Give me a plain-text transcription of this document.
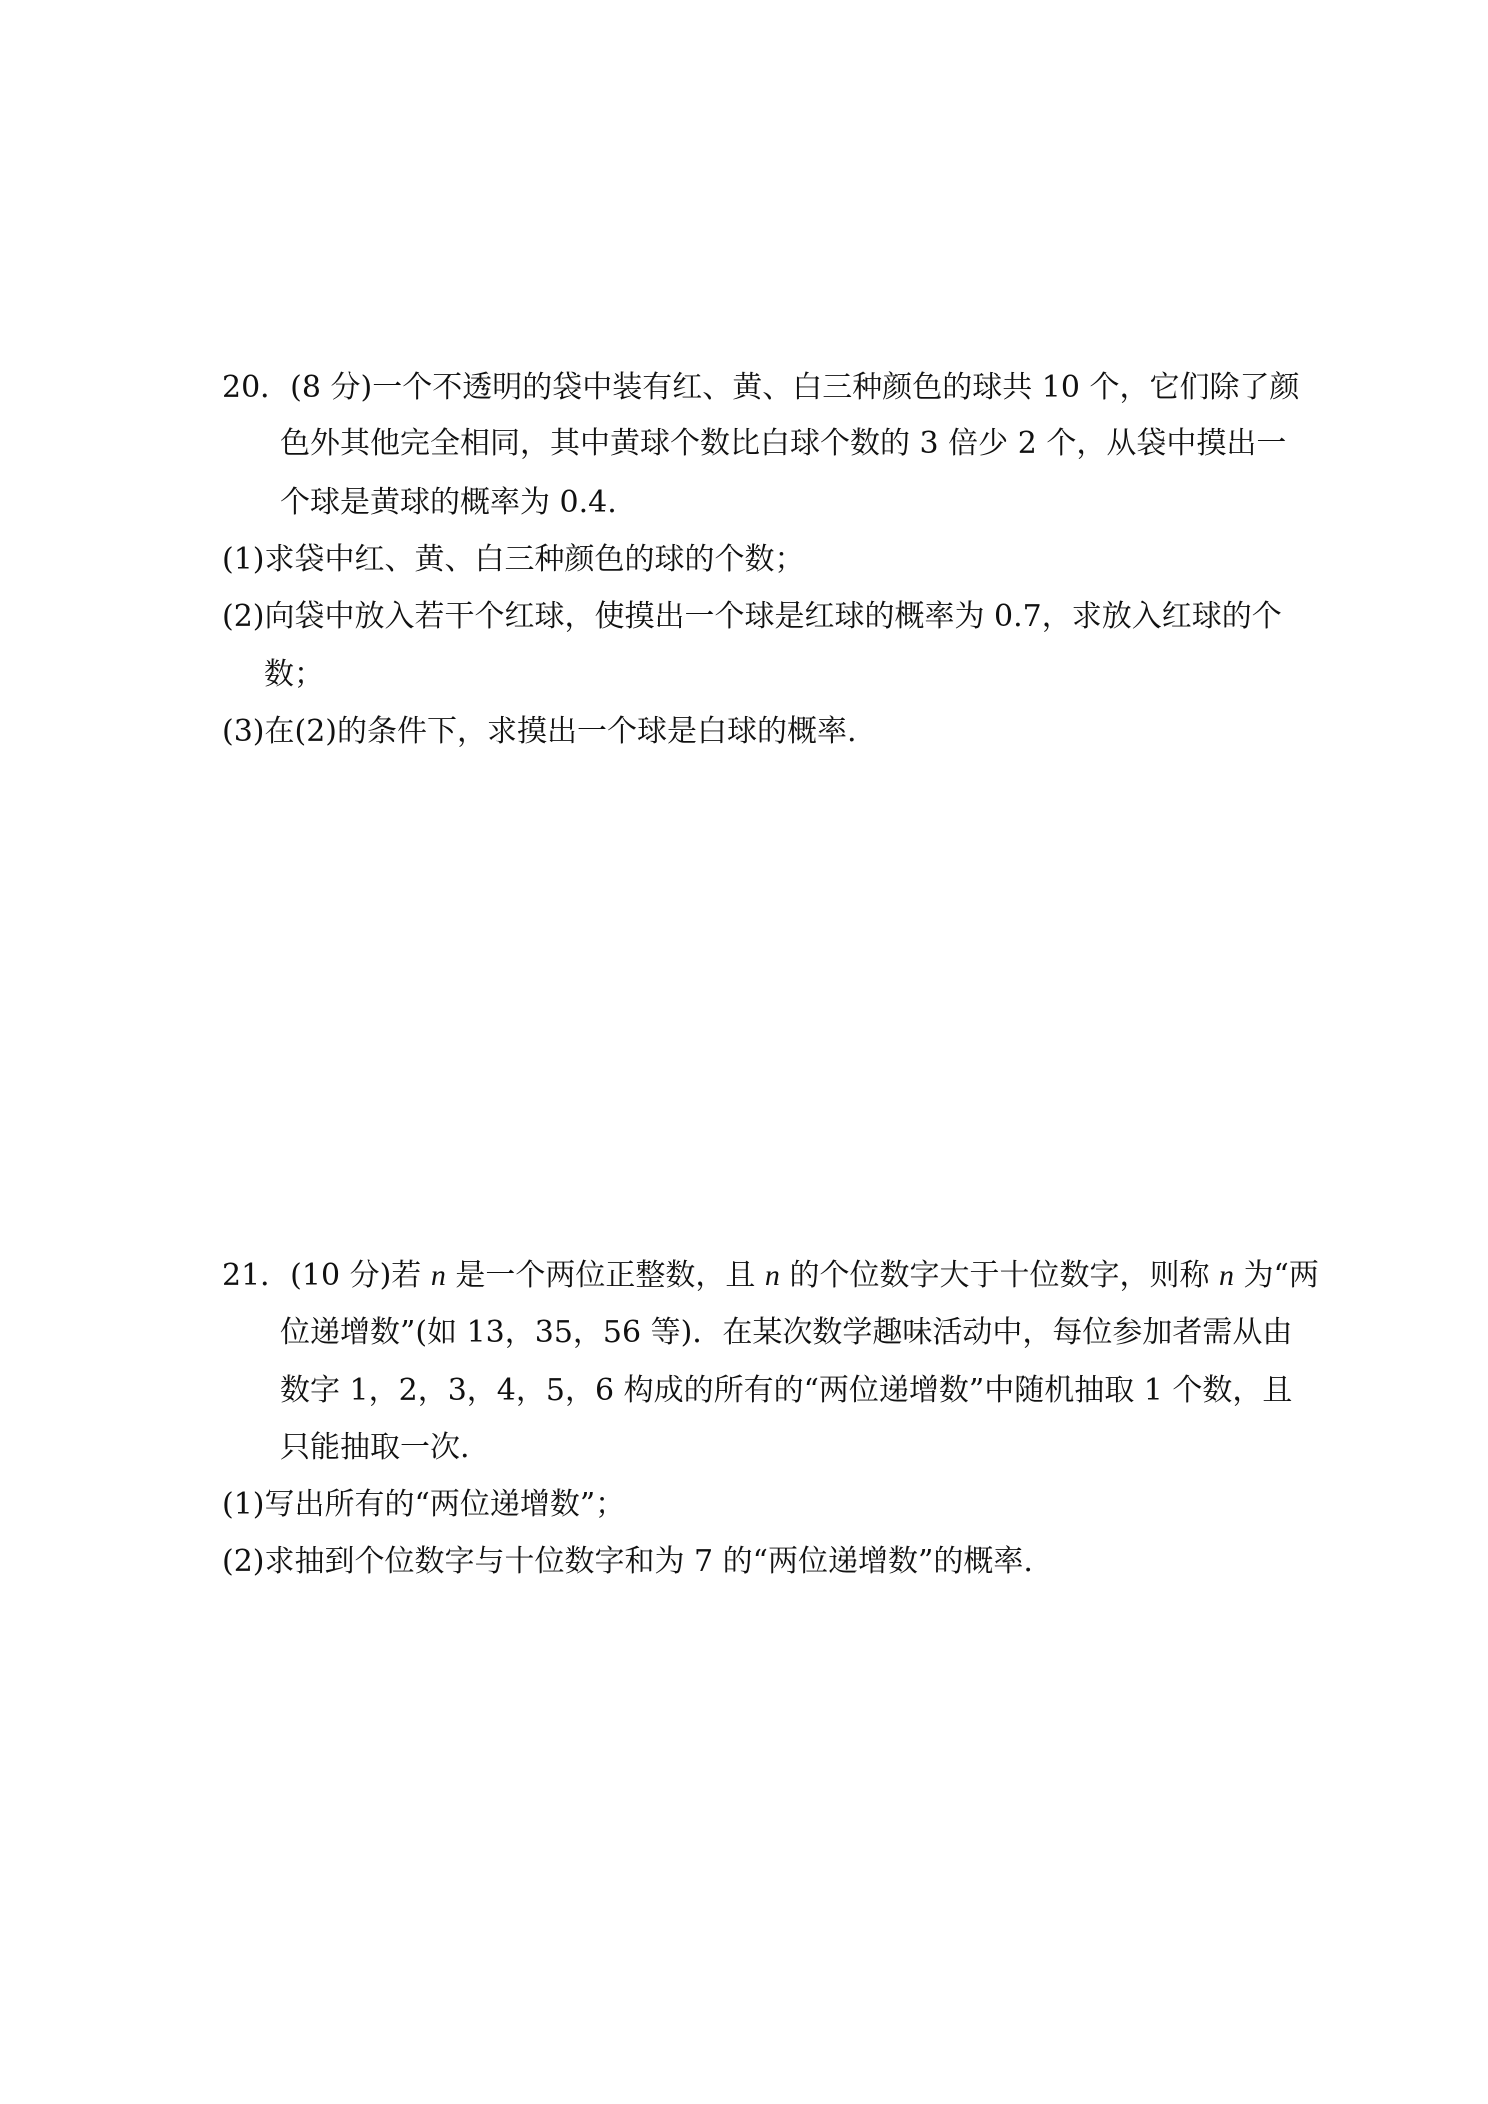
20．(8 分)一个不透明的袋中装有红、黄、白三种颜色的球共 10 个，它们除了颜
色外其他完全相同，其中黄球个数比白球个数的 3 倍少 2 个，从袋中摸出一
个球是黄球的概率为 0.4.
(1)求袋中红、黄、白三种颜色的球的个数；
(2)向袋中放入若干个红球，使摸出一个球是红球的概率为 0.7，求放入红球的个
数；
(3)在(2)的条件下，求摸出一个球是白球的概率.
21．(10 分)若 n 是一个两位正整数，且 n 的个位数字大于十位数字，则称 n 为“两
位递增数”(如 13，35，56 等)．在某次数学趣味活动中，每位参加者需从由
数字 1，2，3，4，5，6 构成的所有的“两位递增数”中随机抽取 1 个数，且
只能抽取一次.
(1)写出所有的“两位递增数”；
(2)求抽到个位数字与十位数字和为 7 的“两位递增数”的概率.
